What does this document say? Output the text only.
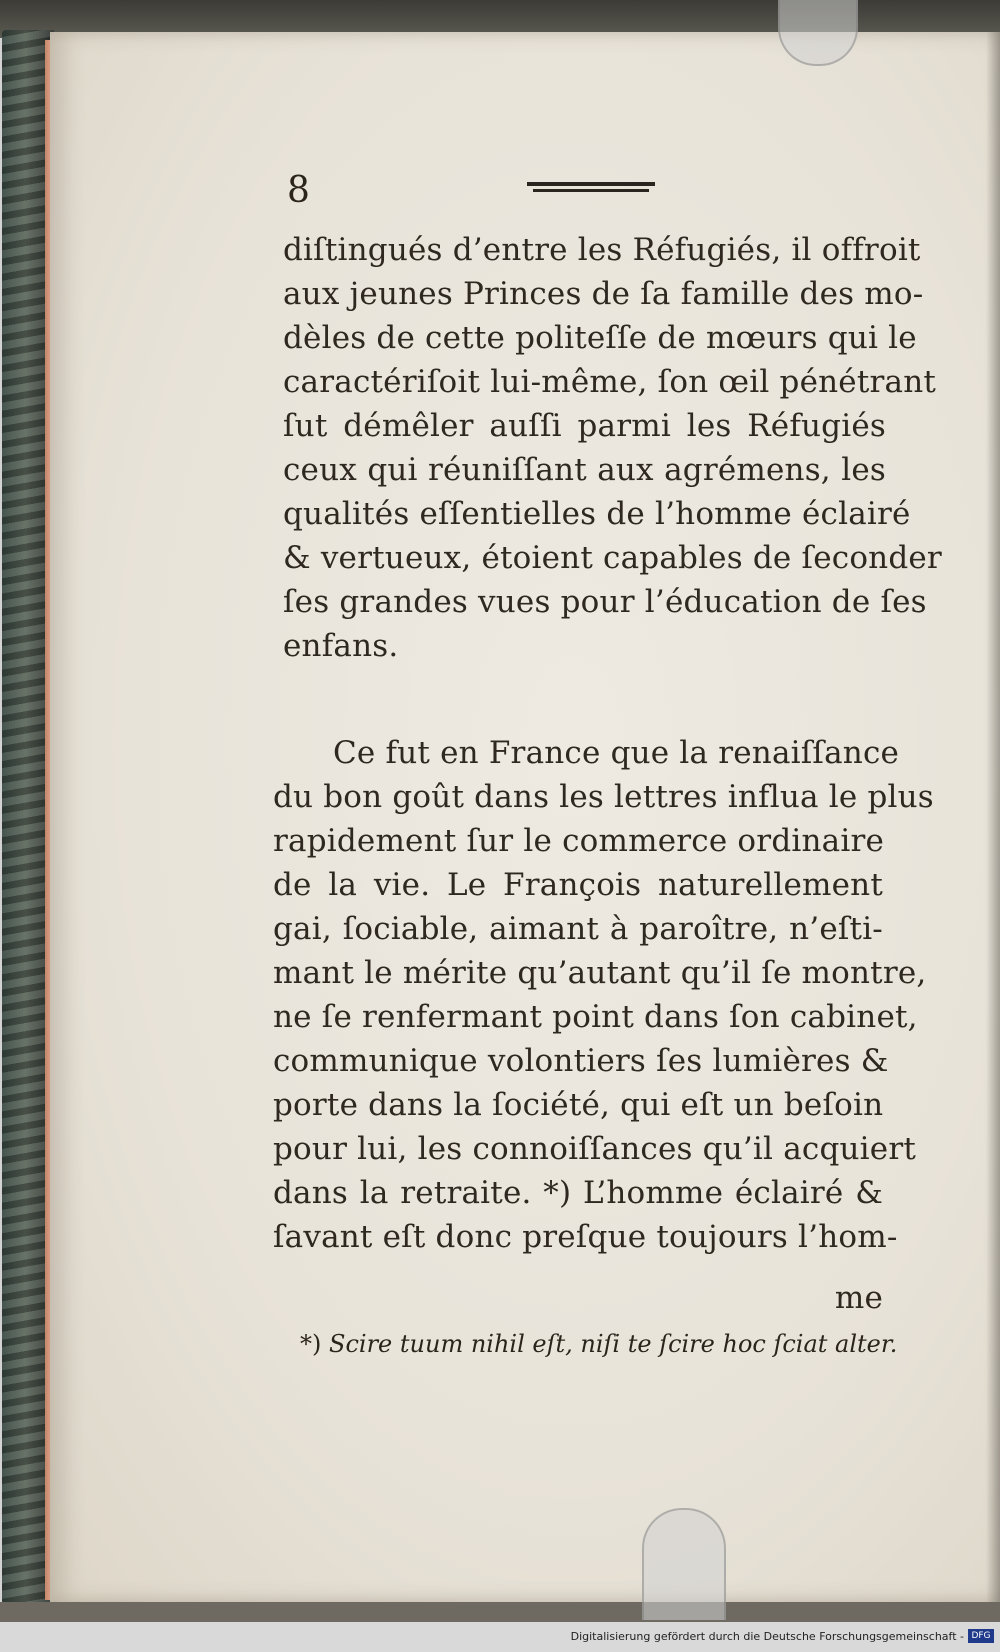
8
diſtingués d’entre les Réfugiés, il offroit
aux jeunes Princes de ſa famille des mo-
dèles de cette politeſſe de mœurs qui le
caractériſoit lui-même, ſon œil pénétrant
ſut démêler auſſi parmi les Réfugiés
ceux qui réuniſſant aux agrémens, les
qualités eſſentielles de l’homme éclairé
& vertueux, étoient capables de ſeconder
ſes grandes vues pour l’éducation de ſes
enfans.
Ce fut en France que la renaiſſance
du bon goût dans les lettres influa le plus
rapidement ſur le commerce ordinaire
de la vie. Le François naturellement
gai, ſociable, aimant à paroître, n’eſti-
mant le mérite qu’autant qu’il ſe montre,
ne ſe renfermant point dans ſon cabinet,
communique volontiers ſes lumières &
porte dans la ſociété, qui eſt un beſoin
pour lui, les connoiſſances qu’il acquiert
dans la retraite. *) L’homme éclairé &
ſavant eſt donc preſque toujours l’hom-
me
*) Scire tuum nihil eſt, niſi te ſcire hoc ſciat alter.
Digitalisierung gefördert durch die Deutsche Forschungsgemeinschaft - DFG
